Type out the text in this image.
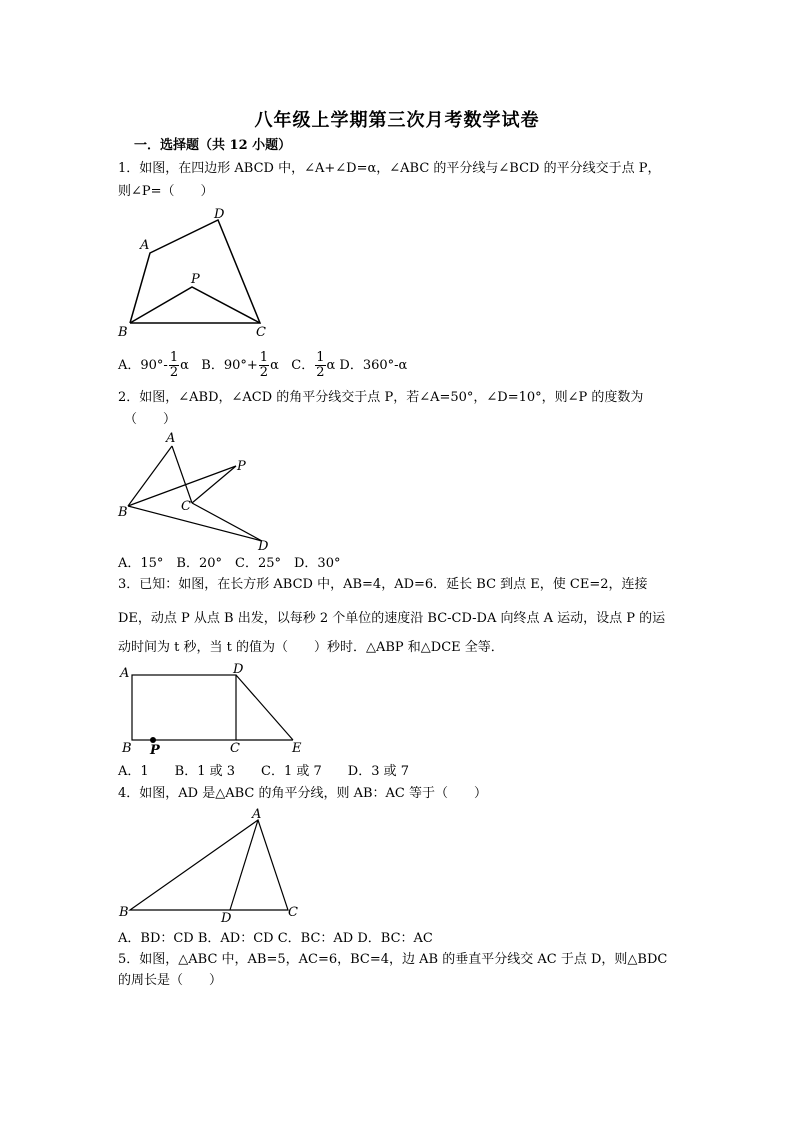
八年级上学期第三次月考数学试卷
一．选择题（共 12 小题）
1．如图，在四边形 ABCD 中，∠A+∠D=α，∠ABC 的平分线与∠BCD 的平分线交于点 P，
则∠P=（　　）
A
D
P
B	C
A．$90^\circ- \frac{1}{2}$ α B．$90^\circ+ \frac{1}{2}$ α C． $\frac{1}{2}$ α D．360°-α
2．如图，∠ABD，∠ACD 的角平分线交于点 P，若∠A=50°，∠D=10°，则∠P 的度数为
（　　）
A
P
B	C
D
A．15°　B．20°　C．25°　D．30°
3．已知：如图，在长方形 ABCD 中，AB=4，AD=6．延长 BC 到点 E，使 CE=2，连接
DE，动点 P 从点 B 出发，以每秒 2 个单位的速度沿 BC-CD-DA 向终点 A 运动，设点 P 的运
动时间为 t 秒，当 t 的值为（　　）秒时．△ABP 和△DCE 全等．
A	D
B P	C	E
A．1　　B．1 或 3　　C．1 或 7　　D．3 或 7
4．如图，AD 是△ABC 的角平分线，则 AB：AC 等于（　　）
A
B	D	C
A．BD：CD B．AD：CD C．BC：AD D．BC：AC
5．如图，△ABC 中，AB=5，AC=6，BC=4，边 AB 的垂直平分线交 AC 于点 D，则△BDC
的周长是（　　）
